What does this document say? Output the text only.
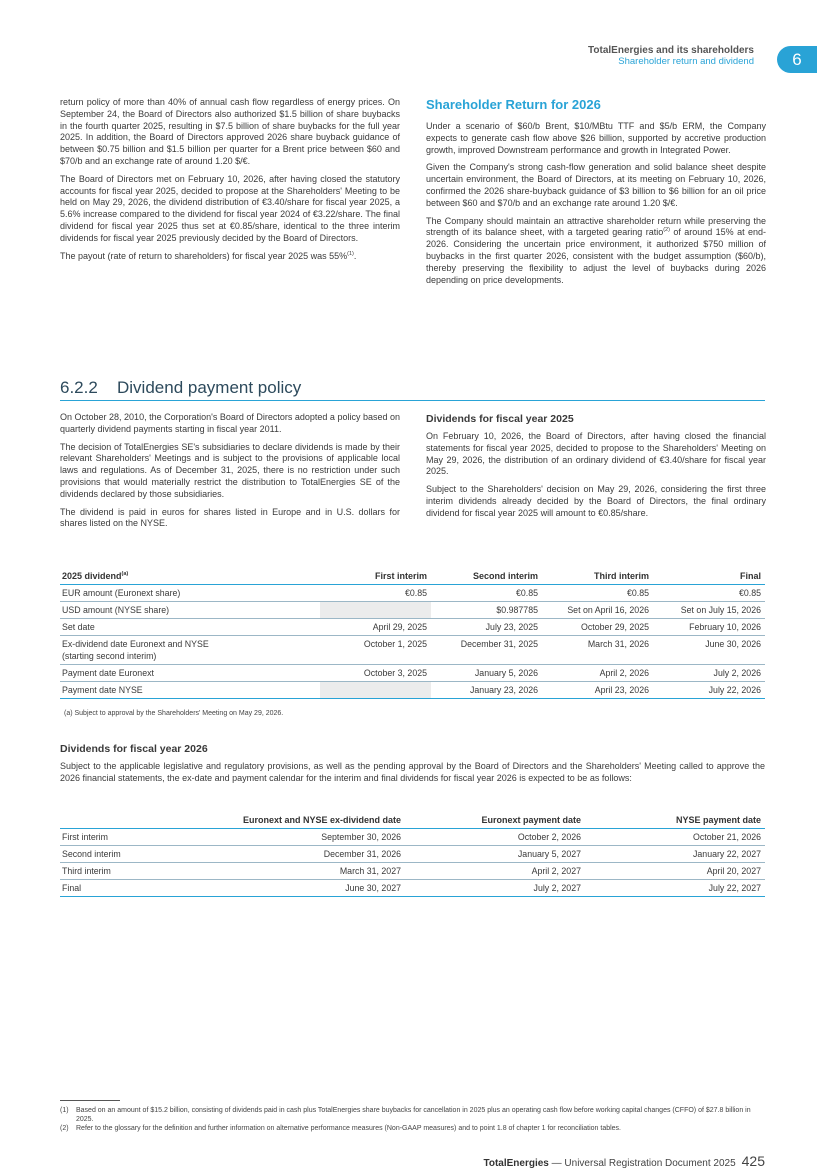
TotalEnergies and its shareholders
Shareholder return and dividend	6

return policy of more than 40% of annual cash flow regardless of energy prices. On September 24, the Board of Directors also authorized $1.5 billion of share buybacks in the fourth quarter 2025, resulting in $7.5 billion of share buybacks for the full year 2025. In addition, the Board of Directors approved 2026 share buyback guidance of between $0.75 billion and $1.5 billion per quarter for a Brent price between $60 and $70/b and an exchange rate of around 1.20 $/€.

The Board of Directors met on February 10, 2026, after having closed the statutory accounts for fiscal year 2025, decided to propose at the Shareholders' Meeting to be held on May 29, 2026, the dividend distribution of €3.40/share for fiscal year 2025, a 5.6% increase compared to the dividend for fiscal year 2024 of €3.22/share. The final dividend for fiscal year 2025 thus set at €0.85/share, identical to the three interim dividends for fiscal year 2025 previously decided by the Board of Directors.

The payout (rate of return to shareholders) for fiscal year 2025 was 55%$^{(1)}$.

Shareholder Return for 2026

Under a scenario of $60/b Brent, $10/MBtu TTF and $5/b ERM, the Company expects to generate cash flow above $26 billion, supported by accretive production growth, improved Downstream performance and growth in Integrated Power.

Given the Company's strong cash-flow generation and solid balance sheet despite uncertain environment, the Board of Directors, at its meeting on February 10, 2026, confirmed the 2026 share-buyback guidance of $3 billion to $6 billion for an oil price between $60 and $70/b and an exchange rate around 1.20 $/€.

The Company should maintain an attractive shareholder return while preserving the strength of its balance sheet, with a targeted gearing ratio$^{(2)}$ of around 15% at end-2026. Considering the uncertain price environment, it authorized $750 million of buybacks in the first quarter 2026, consistent with the budget assumption ($60/b), thereby preserving the flexibility to adjust the level of buybacks during 2026 depending on price developments.

6.2.2 Dividend payment policy

On October 28, 2010, the Corporation's Board of Directors adopted a policy based on quarterly dividend payments starting in fiscal year 2011.

The decision of TotalEnergies SE's subsidiaries to declare dividends is made by their relevant Shareholders' Meetings and is subject to the provisions of applicable local laws and regulations. As of December 31, 2025, there is no restriction under such provisions that would materially restrict the distribution to TotalEnergies SE of the dividends declared by those subsidiaries.

The dividend is paid in euros for shares listed in Europe and in U.S. dollars for shares listed on the NYSE.

Dividends for fiscal year 2025

On February 10, 2026, the Board of Directors, after having closed the financial statements for fiscal year 2025, decided to propose to the Shareholders' Meeting on May 29, 2026, the distribution of an ordinary dividend of €3.40/share for fiscal year 2025.

Subject to the Shareholders' decision on May 29, 2026, considering the first three interim dividends already decided by the Board of Directors, the final ordinary dividend for fiscal year 2025 will amount to €0.85/share.

2025 dividend$^{(a)}$	First interim	Second interim	Third interim	Final
EUR amount (Euronext share)	€0.85	€0.85	€0.85	€0.85
USD amount (NYSE share)		$0.987785	Set on April 16, 2026	Set on July 15, 2026
Set date	April 29, 2025	July 23, 2025	October 29, 2025	February 10, 2026
Ex-dividend date Euronext and NYSE
(starting second interim)	October 1, 2025	December 31, 2025	March 31, 2026	June 30, 2026
Payment date Euronext	October 3, 2025	January 5, 2026	April 2, 2026	July 2, 2026
Payment date NYSE		January 23, 2026	April 23, 2026	July 22, 2026
(a) Subject to approval by the Shareholders' Meeting on May 29, 2026.
Dividends for fiscal year 2026

Subject to the applicable legislative and regulatory provisions, as well as the pending approval by the Board of Directors and the Shareholders' Meeting called to approve the 2026 financial statements, the ex-date and payment calendar for the interim and final dividends for fiscal year 2026 is expected to be as follows:

	Euronext and NYSE ex-dividend date	Euronext payment date	NYSE payment date
First interim	September 30, 2026	October 2, 2026	October 21, 2026
Second interim	December 31, 2026	January 5, 2027	January 22, 2027
Third interim	March 31, 2027	April 2, 2027	April 20, 2027
Final	June 30, 2027	July 2, 2027	July 22, 2027
(1)	Based on an amount of $15.2 billion, consisting of dividends paid in cash plus TotalEnergies share buybacks for cancellation in 2025 plus an operating cash flow before working capital changes (CFFO) of $27.8 billion in 2025.
(2)	Refer to the glossary for the definition and further information on alternative performance measures (Non-GAAP measures) and to point 1.8 of chapter 1 for reconciliation tables.
TotalEnergies — Universal Registration Document 2025 425
